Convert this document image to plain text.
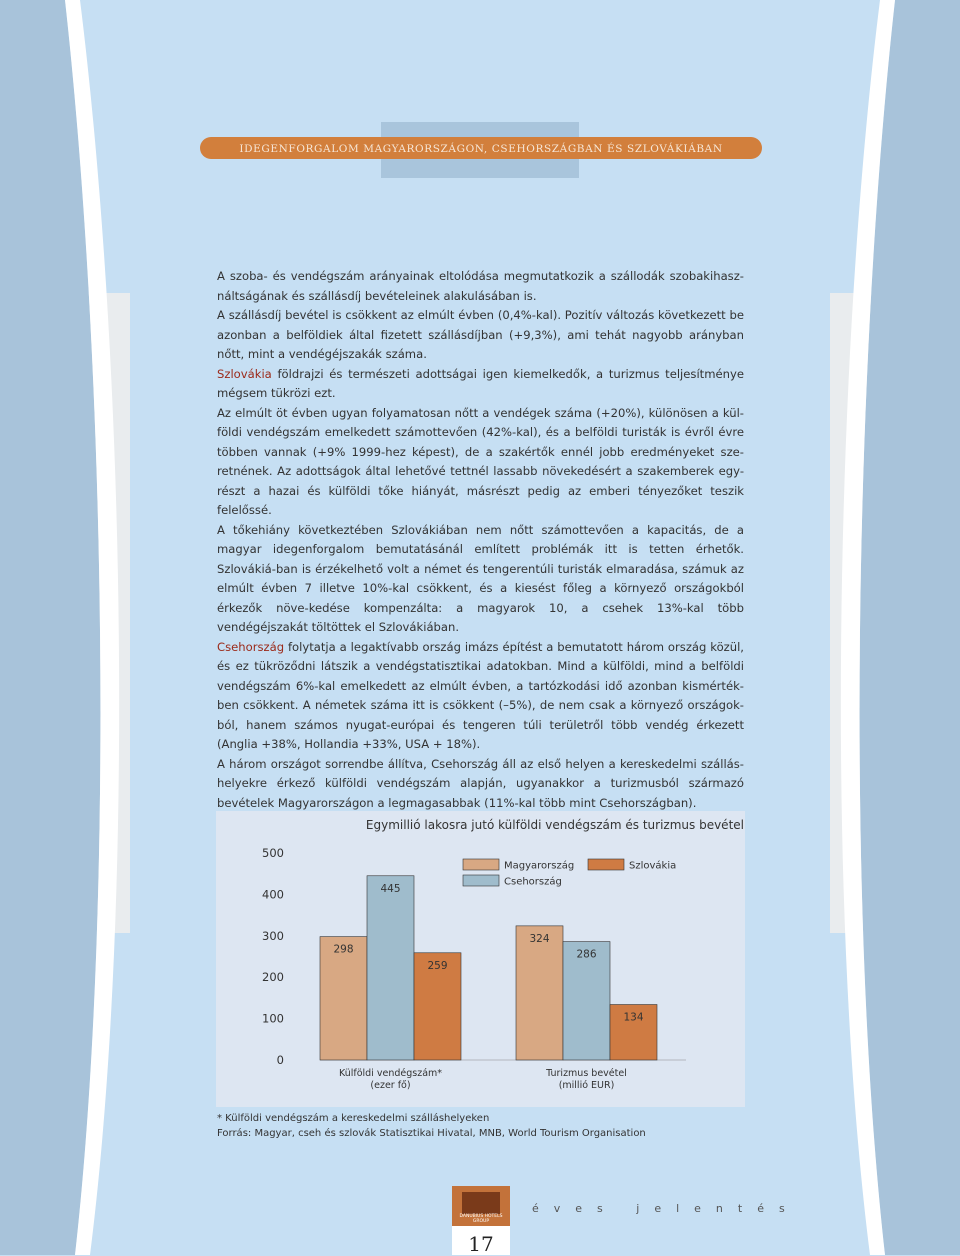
IDEGENFORGALOM MAGYARORSZÁGON, CSEHORSZÁGBAN ÉS SZLOVÁKIÁBAN

A szoba- és vendégszám arányainak eltolódása megmutatkozik a szállodák szobakihasz-náltságának és szállásdíj bevételeinek alakulásában is.

A szállásdíj bevétel is csökkent az elmúlt évben (0,4%-kal). Pozitív változás következett be azonban a belföldiek által fizetett szállásdíjban (+9,3%), ami tehát nagyobb arányban nőtt, mint a vendégéjszakák száma.

Szlovákia földrajzi és természeti adottságai igen kiemelkedők, a turizmus teljesítménye mégsem tükrözi ezt.

Az elmúlt öt évben ugyan folyamatosan nőtt a vendégek száma (+20%), különösen a kül-földi vendégszám emelkedett számottevően (42%-kal), és a belföldi turisták is évről évre többen vannak (+9% 1999-hez képest), de a szakértők ennél jobb eredményeket sze-retnének. Az adottságok által lehetővé tettnél lassabb növekedésért a szakemberek egy-részt a hazai és külföldi tőke hiányát, másrészt pedig az emberi tényezőket teszik felelőssé.

A tőkehiány következtében Szlovákiában nem nőtt számottevően a kapacitás, de a magyar idegenforgalom bemutatásánál említett problémák itt is tetten érhetők. Szlovákiá-ban is érzékelhető volt a német és tengerentúli turisták elmaradása, számuk az elmúlt évben 7 illetve 10%-kal csökkent, és a kiesést főleg a környező országokból érkezők növe-kedése kompenzálta: a magyarok 10, a csehek 13%-kal több vendégéjszakát töltöttek el Szlovákiában.

Csehország folytatja a legaktívabb ország imázs építést a bemutatott három ország közül, és ez tükröződni látszik a vendégstatisztikai adatokban. Mind a külföldi, mind a belföldi vendégszám 6%-kal emelkedett az elmúlt évben, a tartózkodási idő azonban kismérték-ben csökkent. A németek száma itt is csökkent (–5%), de nem csak a környező országok-ból, hanem számos nyugat-európai és tengeren túli területről több vendég érkezett (Anglia +38%, Hollandia +33%, USA + 18%).

A három országot sorrendbe állítva, Csehország áll az első helyen a kereskedelmi szállás-helyekre érkező külföldi vendégszám alapján, ugyanakkor a turizmusból származó bevételek Magyarországon a legmagasabbak (11%-kal több mint Csehországban).

Egymillió lakosra jutó külföldi vendégszám és turizmus bevétel
0
100
200
300
400
500
298
324
445
286
259
134
Külföldi vendégszám*
(ezer fő)
Turizmus bevétel
(millió EUR)
Magyarország
Csehország
Szlovákia
* Külföldi vendégszám a kereskedelmi szálláshelyeken
Forrás: Magyar, cseh és szlovák Statisztikai Hivatal, MNB, World Tourism Organisation
DANUBIUS HOTELS GROUP
17
éves jelentés
